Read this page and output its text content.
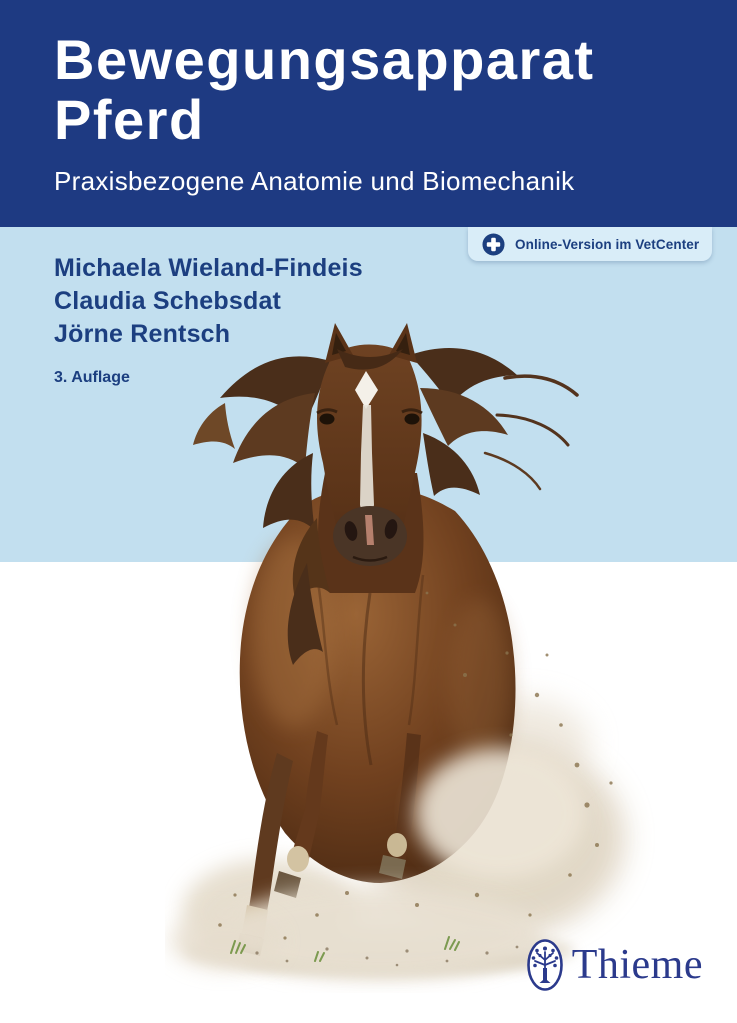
Bewegungsapparat
Pferd
Praxisbezogene Anatomie und Biomechanik
Online-Version im VetCenter
Michaela Wieland-Findeis
Claudia Schebsdat
Jörne Rentsch
3. Auflage
Thieme
